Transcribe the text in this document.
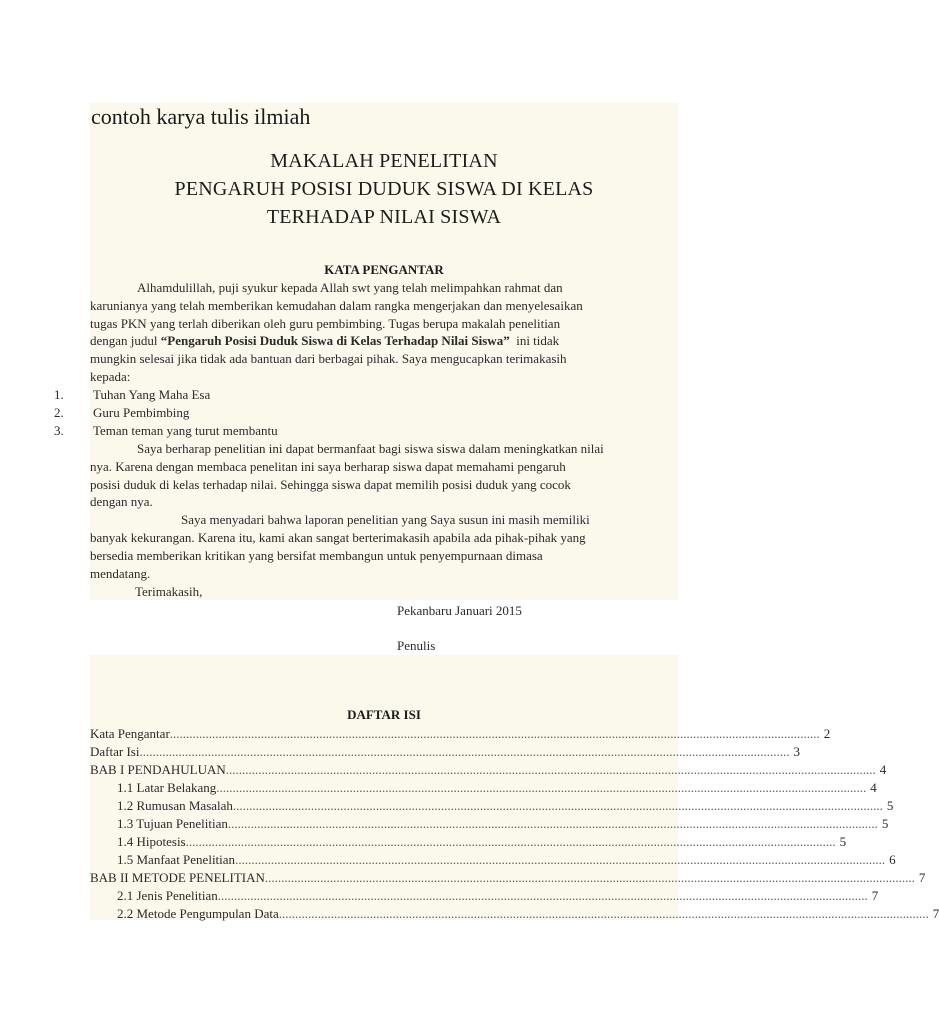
contoh karya tulis ilmiah
MAKALAH PENELITIAN
PENGARUH POSISI DUDUK SISWA DI KELAS
TERHADAP NILAI SISWA
KATA PENGANTAR
Alhamdulillah, puji syukur kepada Allah swt yang telah melimpahkan rahmat dan
karunianya yang telah memberikan kemudahan dalam rangka mengerjakan dan menyelesaikan
tugas PKN yang terlah diberikan oleh guru pembimbing. Tugas berupa makalah penelitian
dengan judul “Pengaruh Posisi Duduk Siswa di Kelas Terhadap Nilai Siswa” ini tidak
mungkin selesai jika tidak ada bantuan dari berbagai pihak. Saya mengucapkan terimakasih
kepada:
1. Tuhan Yang Maha Esa
2. Guru Pembimbing
3. Teman teman yang turut membantu
Saya berharap penelitian ini dapat bermanfaat bagi siswa siswa dalam meningkatkan nilai
nya. Karena dengan membaca penelitan ini saya berharap siswa dapat memahami pengaruh
posisi duduk di kelas terhadap nilai. Sehingga siswa dapat memilih posisi duduk yang cocok
dengan nya.
Saya menyadari bahwa laporan penelitian yang Saya susun ini masih memiliki
banyak kekurangan. Karena itu, kami akan sangat berterimakasih apabila ada pihak-pihak yang
bersedia memberikan kritikan yang bersifat membangun untuk penyempurnaan dimasa
mendatang.
Terimakasih,
Pekanbaru Januari 2015
Penulis
DAFTAR ISI
Kata Pengantar ........................................................................................................................................................................................................ 2
Daftar Isi ........................................................................................................................................................................................................ 3
BAB I PENDAHULUAN ........................................................................................................................................................................................................ 4
1.1 Latar Belakang ........................................................................................................................................................................................................ 4
1.2 Rumusan Masalah ........................................................................................................................................................................................................ 5
1.3 Tujuan Penelitian ........................................................................................................................................................................................................ 5
1.4 Hipotesis ........................................................................................................................................................................................................ 5
1.5 Manfaat Penelitian ........................................................................................................................................................................................................ 6
BAB II METODE PENELITIAN ........................................................................................................................................................................................................ 7
2.1 Jenis Penelitian ........................................................................................................................................................................................................ 7
2.2 Metode Pengumpulan Data ........................................................................................................................................................................................................ 7
